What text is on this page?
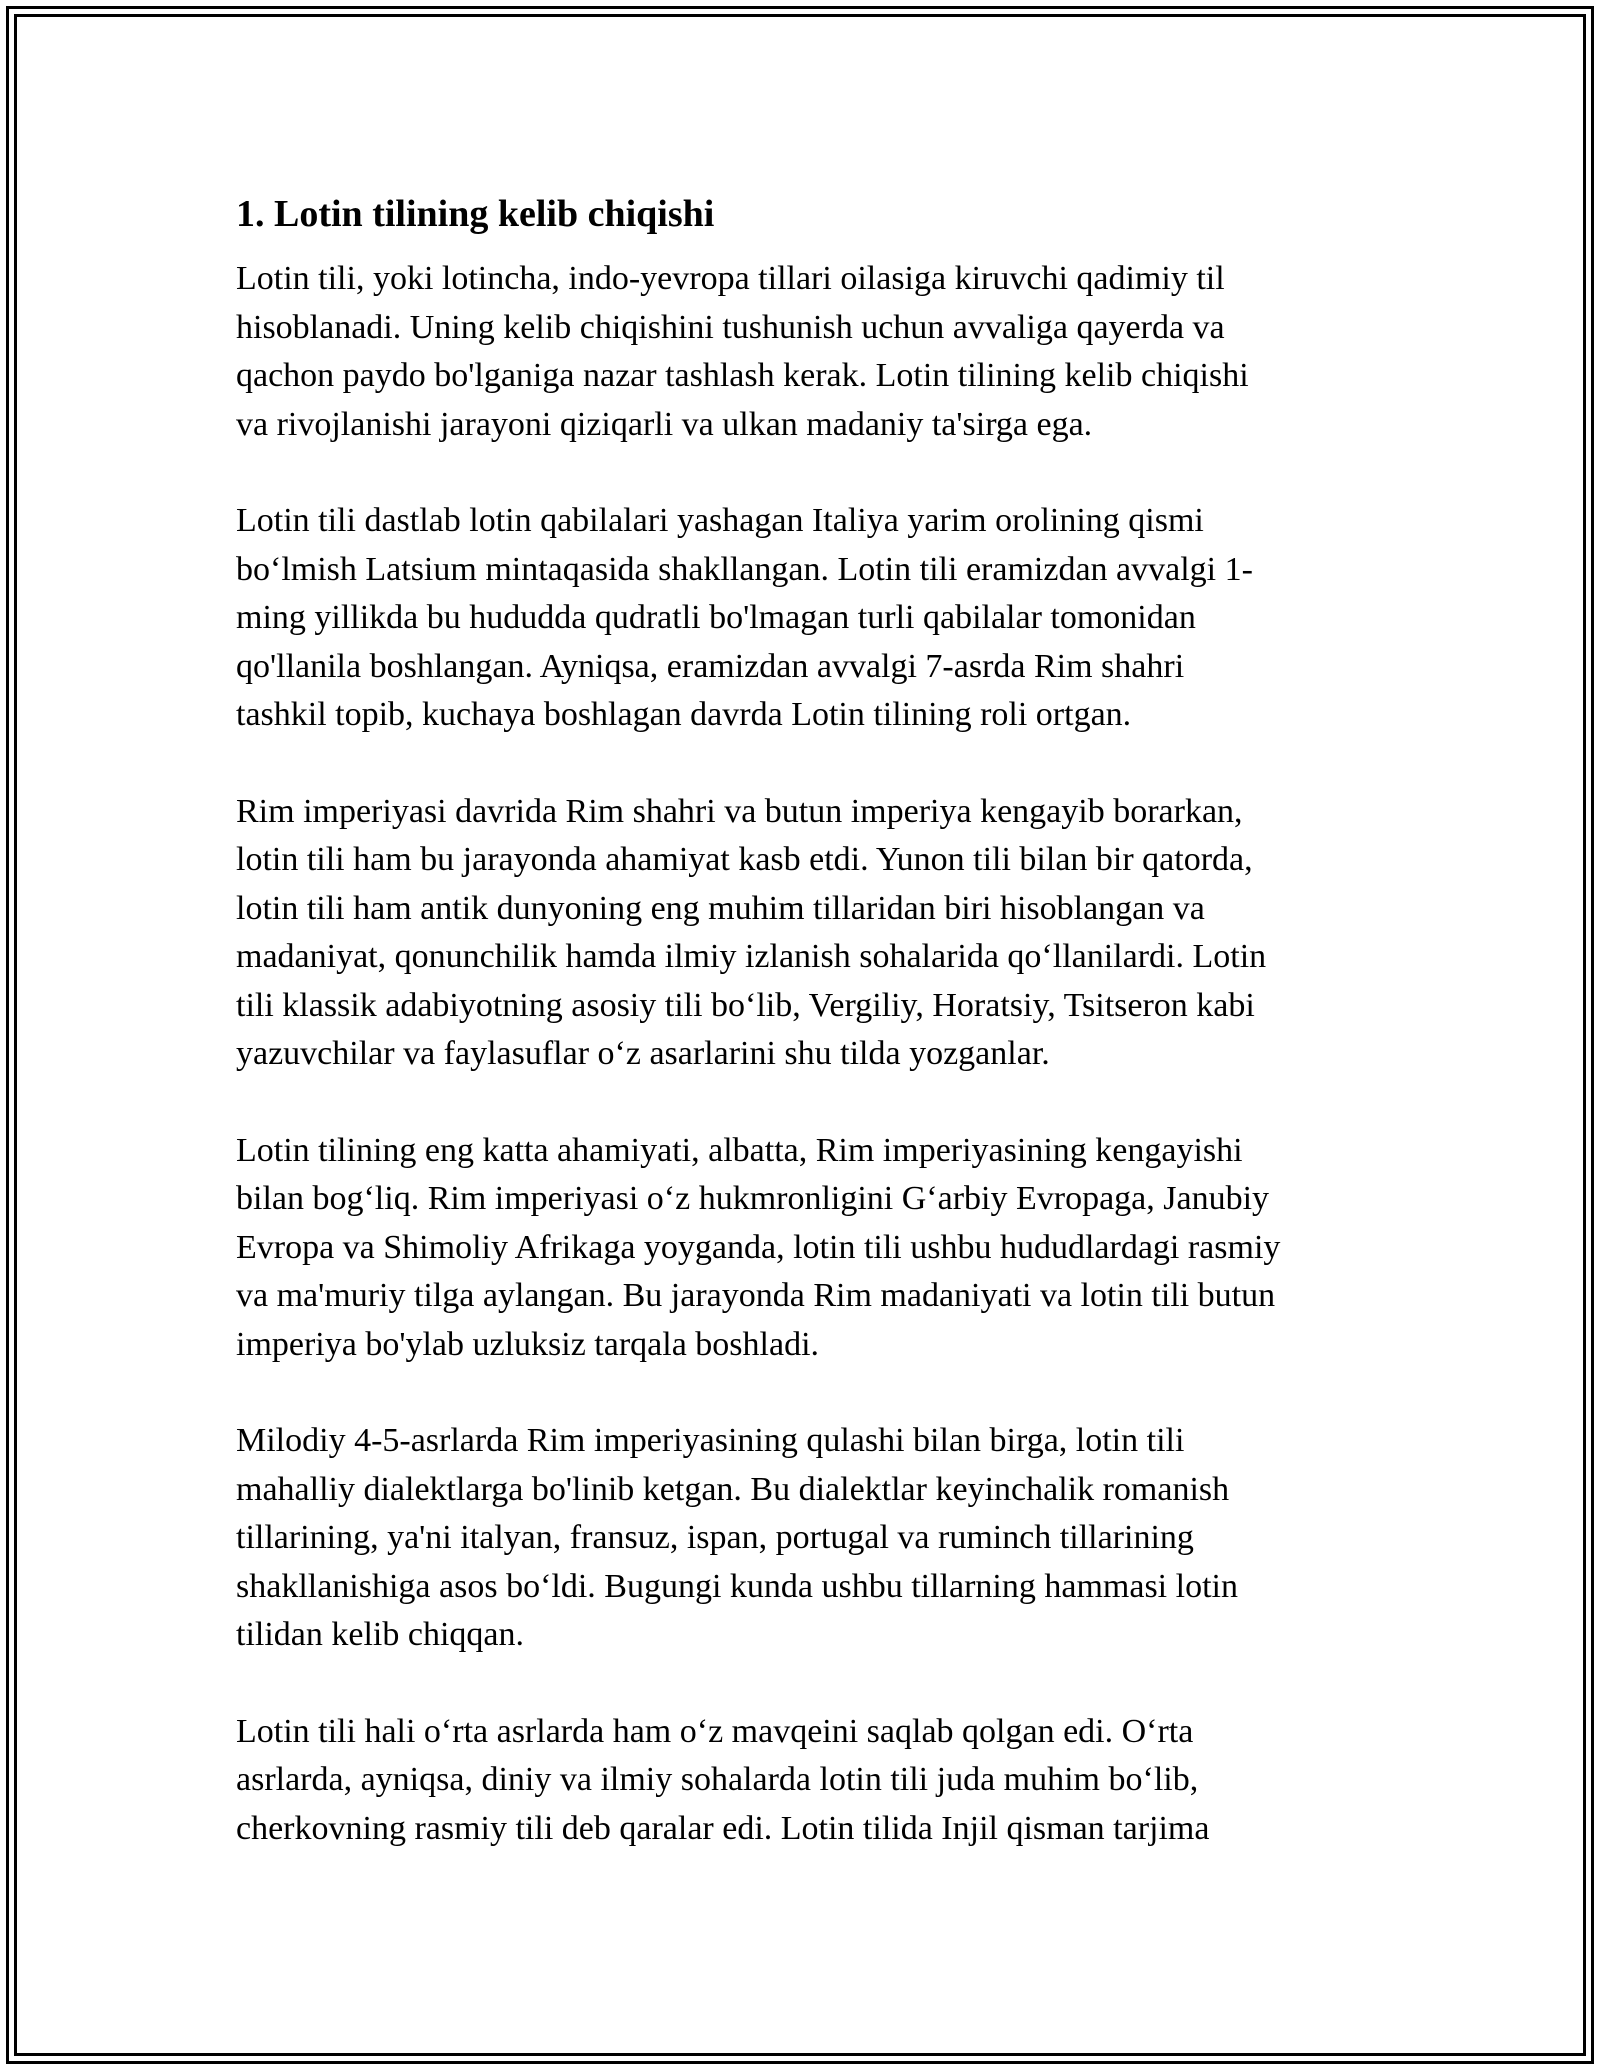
1. Lotin tilining kelib chiqishi
Lotin tili, yoki lotincha, indo-yevropa tillari oilasiga kiruvchi qadimiy til
hisoblanadi. Uning kelib chiqishini tushunish uchun avvaliga qayerda va
qachon paydo bo'lganiga nazar tashlash kerak. Lotin tilining kelib chiqishi
va rivojlanishi jarayoni qiziqarli va ulkan madaniy ta'sirga ega.
Lotin tili dastlab lotin qabilalari yashagan Italiya yarim orolining qismi
bo‘lmish Latsium mintaqasida shakllangan. Lotin tili eramizdan avvalgi 1-
ming yillikda bu hududda qudratli bo'lmagan turli qabilalar tomonidan
qo'llanila boshlangan. Ayniqsa, eramizdan avvalgi 7-asrda Rim shahri
tashkil topib, kuchaya boshlagan davrda Lotin tilining roli ortgan.
Rim imperiyasi davrida Rim shahri va butun imperiya kengayib borarkan,
lotin tili ham bu jarayonda ahamiyat kasb etdi. Yunon tili bilan bir qatorda,
lotin tili ham antik dunyoning eng muhim tillaridan biri hisoblangan va
madaniyat, qonunchilik hamda ilmiy izlanish sohalarida qo‘llanilardi. Lotin
tili klassik adabiyotning asosiy tili bo‘lib, Vergiliy, Horatsiy, Tsitseron kabi
yazuvchilar va faylasuflar o‘z asarlarini shu tilda yozganlar.
Lotin tilining eng katta ahamiyati, albatta, Rim imperiyasining kengayishi
bilan bog‘liq. Rim imperiyasi o‘z hukmronligini G‘arbiy Evropaga, Janubiy
Evropa va Shimoliy Afrikaga yoyganda, lotin tili ushbu hududlardagi rasmiy
va ma'muriy tilga aylangan. Bu jarayonda Rim madaniyati va lotin tili butun
imperiya bo'ylab uzluksiz tarqala boshladi.
Milodiy 4-5-asrlarda Rim imperiyasining qulashi bilan birga, lotin tili
mahalliy dialektlarga bo'linib ketgan. Bu dialektlar keyinchalik romanish
tillarining, ya'ni italyan, fransuz, ispan, portugal va ruminch tillarining
shakllanishiga asos bo‘ldi. Bugungi kunda ushbu tillarning hammasi lotin
tilidan kelib chiqqan.
Lotin tili hali o‘rta asrlarda ham o‘z mavqeini saqlab qolgan edi. O‘rta
asrlarda, ayniqsa, diniy va ilmiy sohalarda lotin tili juda muhim bo‘lib,
cherkovning rasmiy tili deb qaralar edi. Lotin tilida Injil qisman tarjima
